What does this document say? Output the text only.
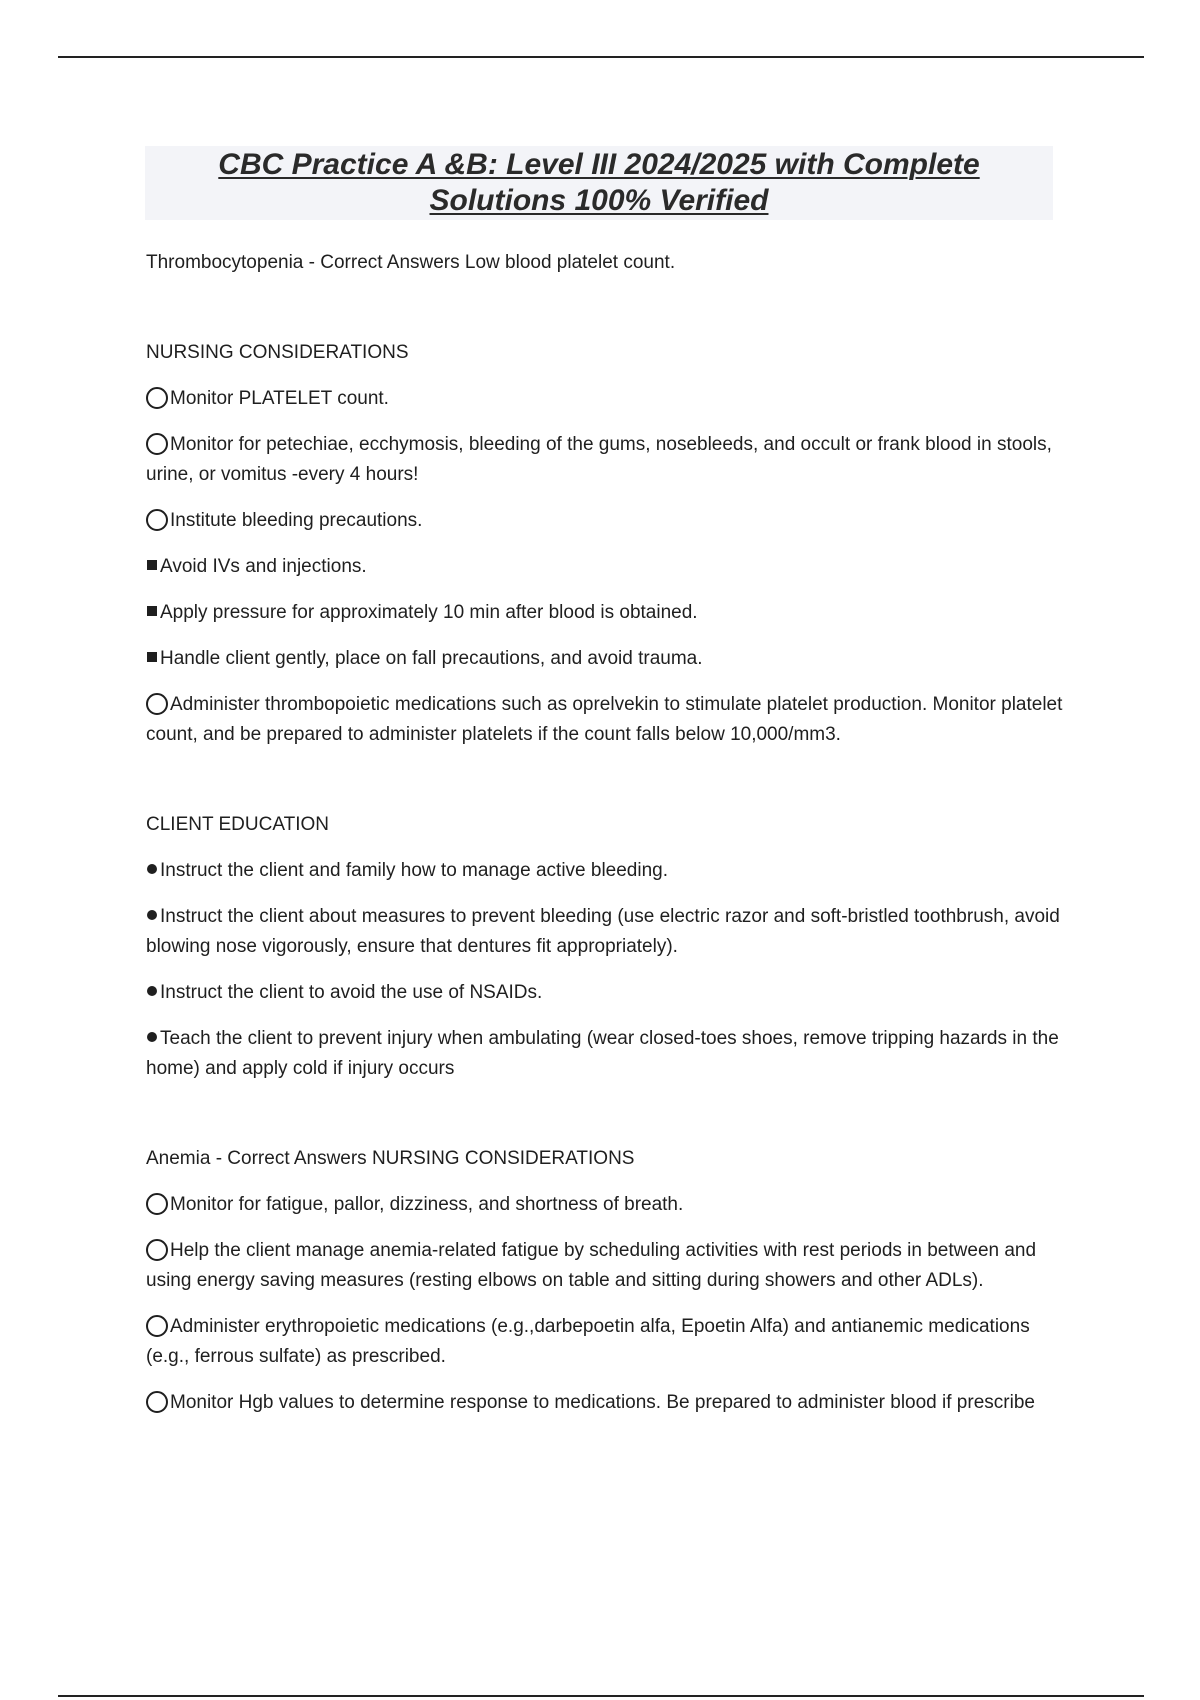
CBC Practice A &B: Level III 2024/2025 with Complete
Solutions 100% Verified

Thrombocytopenia - Correct Answers Low blood platelet count.

NURSING CONSIDERATIONS

Monitor PLATELET count.

Monitor for petechiae, ecchymosis, bleeding of the gums, nosebleeds, and occult or frank blood in stools, urine, or vomitus -every 4 hours!

Institute bleeding precautions.

Avoid IVs and injections.

Apply pressure for approximately 10 min after blood is obtained.

Handle client gently, place on fall precautions, and avoid trauma.

Administer thrombopoietic medications such as oprelvekin to stimulate platelet production. Monitor platelet count, and be prepared to administer platelets if the count falls below 10,000/mm3.

CLIENT EDUCATION

Instruct the client and family how to manage active bleeding.

Instruct the client about measures to prevent bleeding (use electric razor and soft-bristled toothbrush, avoid blowing nose vigorously, ensure that dentures fit appropriately).

Instruct the client to avoid the use of NSAIDs.

Teach the client to prevent injury when ambulating (wear closed-toes shoes, remove tripping hazards in the home) and apply cold if injury occurs

Anemia - Correct Answers NURSING CONSIDERATIONS

Monitor for fatigue, pallor, dizziness, and shortness of breath.

Help the client manage anemia-related fatigue by scheduling activities with rest periods in between and using energy saving measures (resting elbows on table and sitting during showers and other ADLs).

Administer erythropoietic medications (e.g.,darbepoetin alfa, Epoetin Alfa) and antianemic medications (e.g., ferrous sulfate) as prescribed.

Monitor Hgb values to determine response to medications. Be prepared to administer blood if prescribe
